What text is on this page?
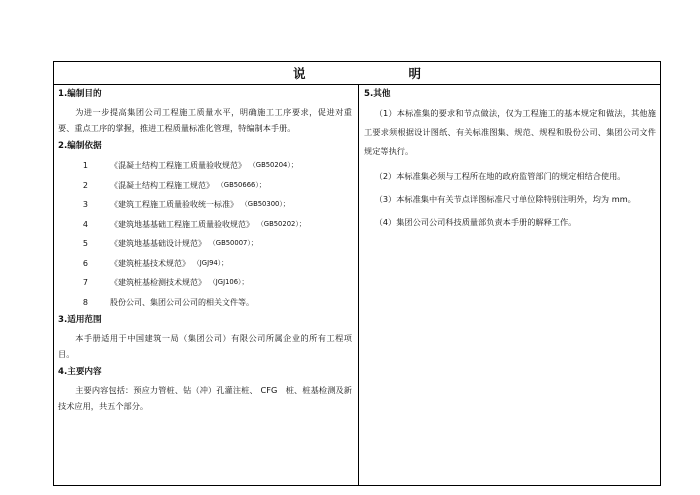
说　　明
1.编制目的

为进一步提高集团公司工程施工质量水平，明确施工工序要求，促进对重要、重点工序的掌握，推进工程质量标准化管理，特编制本手册。

2.编制依据
1	《混凝土结构工程施工质量验收规范》 （GB50204）；
2	《混凝土结构工程施工规范》 （GB50666）；
3	《建筑工程施工质量验收统一标准》 （GB50300）；
4	《建筑地基基础工程施工质量验收规范》 （GB50202）；
5	《建筑地基基础设计规范》 （GB50007）；
6	《建筑桩基技术规范》 （JGJ94）；
7	《建筑桩基检测技术规范》 （JGJ106）；
8	股份公司、集团公司公司的相关文件等。
3.适用范围

本手册适用于中国建筑一局（集团公司）有限公司所属企业的所有工程项目。

4.主要内容

主要内容包括：预应力管桩、钻（冲）孔灌注桩、 CFG　桩、桩基检测及新技术应用，共五个部分。

5.其他

（1）本标准集的要求和节点做法，仅为工程施工的基本规定和做法，其他施工要求须根据设计图纸、有关标准图集、规范、规程和股份公司、集团公司文件规定等执行。

（2）本标准集必须与工程所在地的政府监管部门的规定相结合使用。

（3）本标准集中有关节点详图标准尺寸单位除特别注明外，均为 mm。

（4）集团公司公司科技质量部负责本手册的解释工作。
